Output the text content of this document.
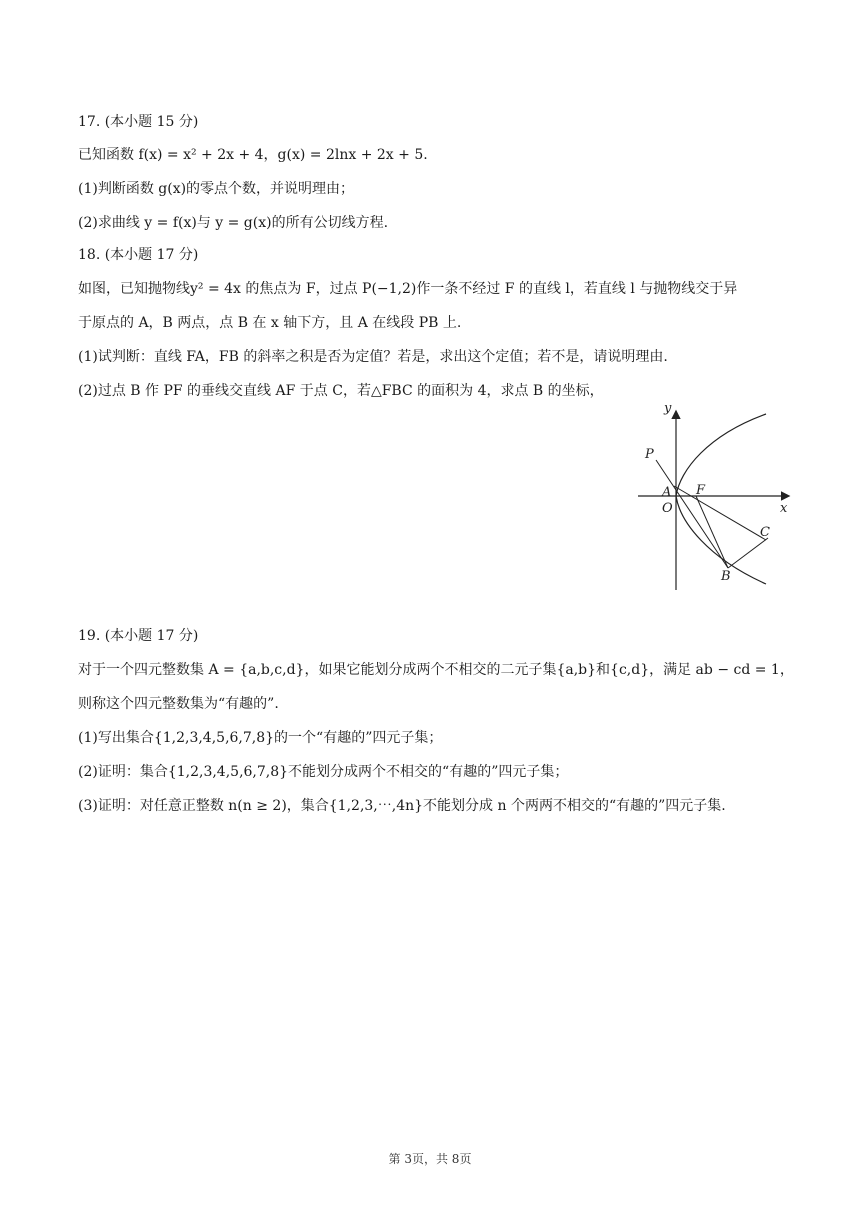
17. (本小题 15 分)
已知函数 f(x) = x² + 2x + 4，g(x) = 2lnx + 2x + 5.
(1)判断函数 g(x)的零点个数，并说明理由；
(2)求曲线 y = f(x)与 y = g(x)的所有公切线方程.
18. (本小题 17 分)
如图，已知抛物线y² = 4x 的焦点为 F，过点 P(−1,2)作一条不经过 F 的直线 l，若直线 l 与抛物线交于异
于原点的 A，B 两点，点 B 在 x 轴下方，且 A 在线段 PB 上.
(1)试判断：直线 FA，FB 的斜率之积是否为定值？若是，求出这个定值；若不是，请说明理由.
(2)过点 B 作 PF 的垂线交直线 AF 于点 C，若△FBC 的面积为 4，求点 B 的坐标，
y
x
O
P
A F
B
C
19. (本小题 17 分)
对于一个四元整数集 A = {a,b,c,d}，如果它能划分成两个不相交的二元子集{a,b}和{c,d}，满足 ab − cd = 1，
则称这个四元整数集为“有趣的”.
(1)写出集合{1,2,3,4,5,6,7,8}的一个“有趣的”四元子集；
(2)证明：集合{1,2,3,4,5,6,7,8}不能划分成两个不相交的“有趣的”四元子集；
(3)证明：对任意正整数 n(n ≥ 2)，集合{1,2,3,⋯,4n}不能划分成 n 个两两不相交的“有趣的”四元子集.
第 3页，共 8页
